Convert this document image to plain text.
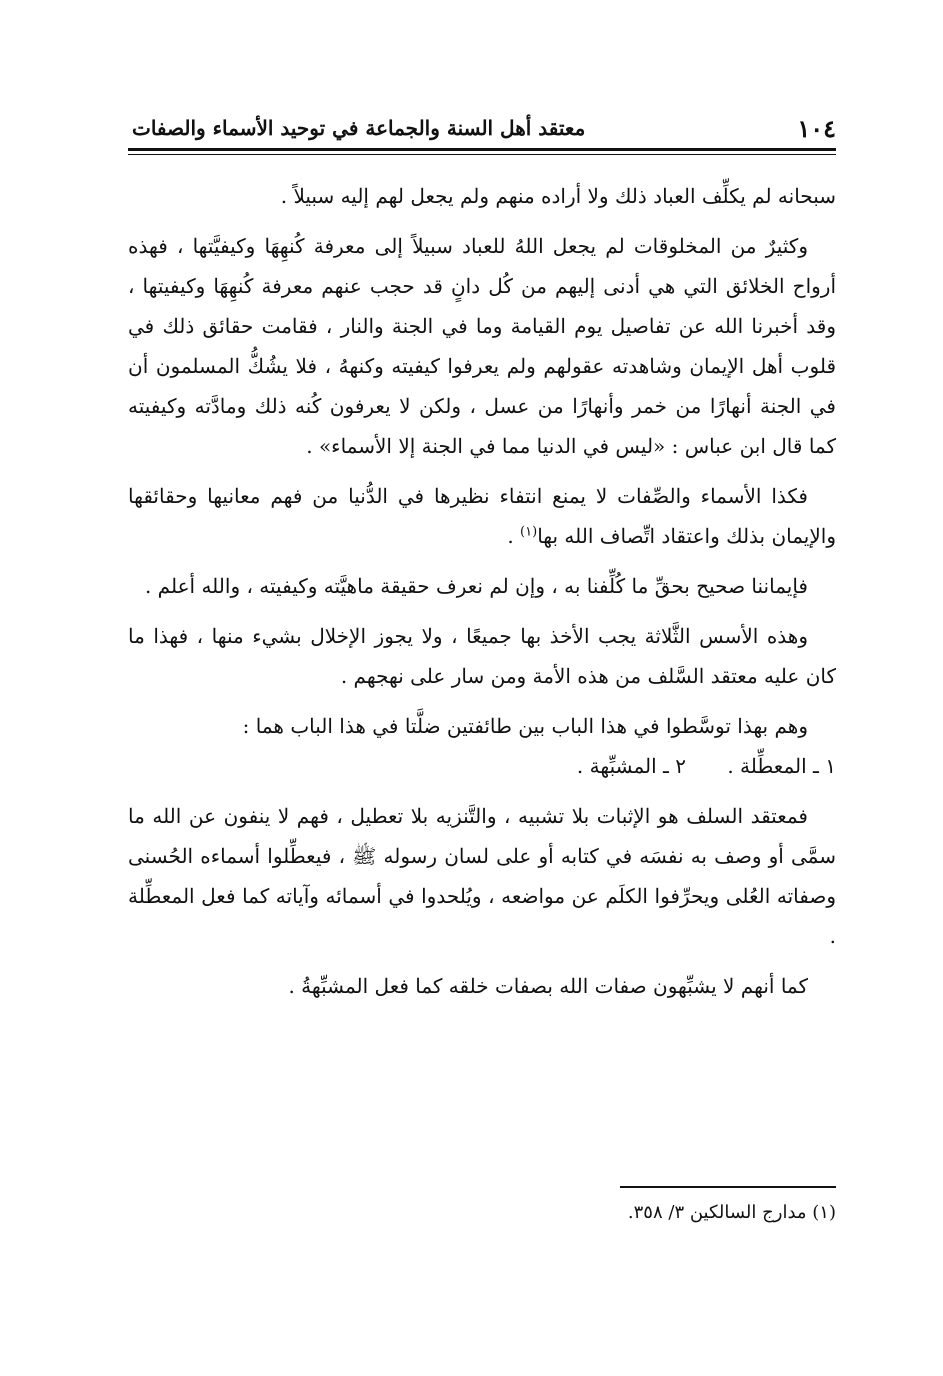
١٠٤
معتقد أهل السنة والجماعة في توحيد الأسماء والصفات

سبحانه لم يكلِّف العباد ذلك ولا أراده منهم ولم يجعل لهم إليه سبيلاً .

وكثيرٌ من المخلوقات لم يجعل اللهُ للعباد سبيلاً إلى معرفة كُنهِهَا وكيفيَّتها ، فهذه أرواح الخلائق التي هي أدنى إليهم من كُل دانٍ قد حجب عنهم معرفة كُنهِهَا وكيفيتها ، وقد أخبرنا الله عن تفاصيل يوم القيامة وما في الجنة والنار ، فقامت حقائق ذلك في قلوب أهل الإيمان وشاهدته عقولهم ولم يعرفوا كيفيته وكنههُ ، فلا يشُكُّ المسلمون أن في الجنة أنهارًا من خمر وأنهارًا من عسل ، ولكن لا يعرفون كُنه ذلك ومادَّته وكيفيته كما قال ابن عباس : «ليس في الدنيا مما في الجنة إلا الأسماء» .

فكذا الأسماء والصِّفات لا يمنع انتفاء نظيرها في الدُّنيا من فهم معانيها وحقائقها والإيمان بذلك واعتقاد اتِّصاف الله بها$^{(١)}$ .

فإيماننا صحيح بحقِّ ما كُلِّفنا به ، وإن لم نعرف حقيقة ماهيَّته وكيفيته ، والله أعلم .

وهذه الأسس الثَّلاثة يجب الأخذ بها جميعًا ، ولا يجوز الإخلال بشيء منها ، فهذا ما كان عليه معتقد السَّلف من هذه الأمة ومن سار على نهجهم .

وهم بهذا توسَّطوا في هذا الباب بين طائفتين ضلَّتا في هذا الباب هما :

١ ـ المعطِّلة .
٢ ـ المشبِّهة .

فمعتقد السلف هو الإثبات بلا تشبيه ، والتَّنزيه بلا تعطيل ، فهم لا ينفون عن الله ما سمَّى أو وصف به نفسَه في كتابه أو على لسان رسوله ﷺ ، فيعطِّلوا أسماءه الحُسنى وصفاته العُلى ويحرِّفوا الكلَم عن مواضعه ، ويُلحدوا في أسمائه وآياته كما فعل المعطِّلة .

كما أنهم لا يشبِّهون صفات الله بصفات خلقه كما فعل المشبِّهةُ .

(١) مدارج السالكين ٣/ ٣٥٨.
